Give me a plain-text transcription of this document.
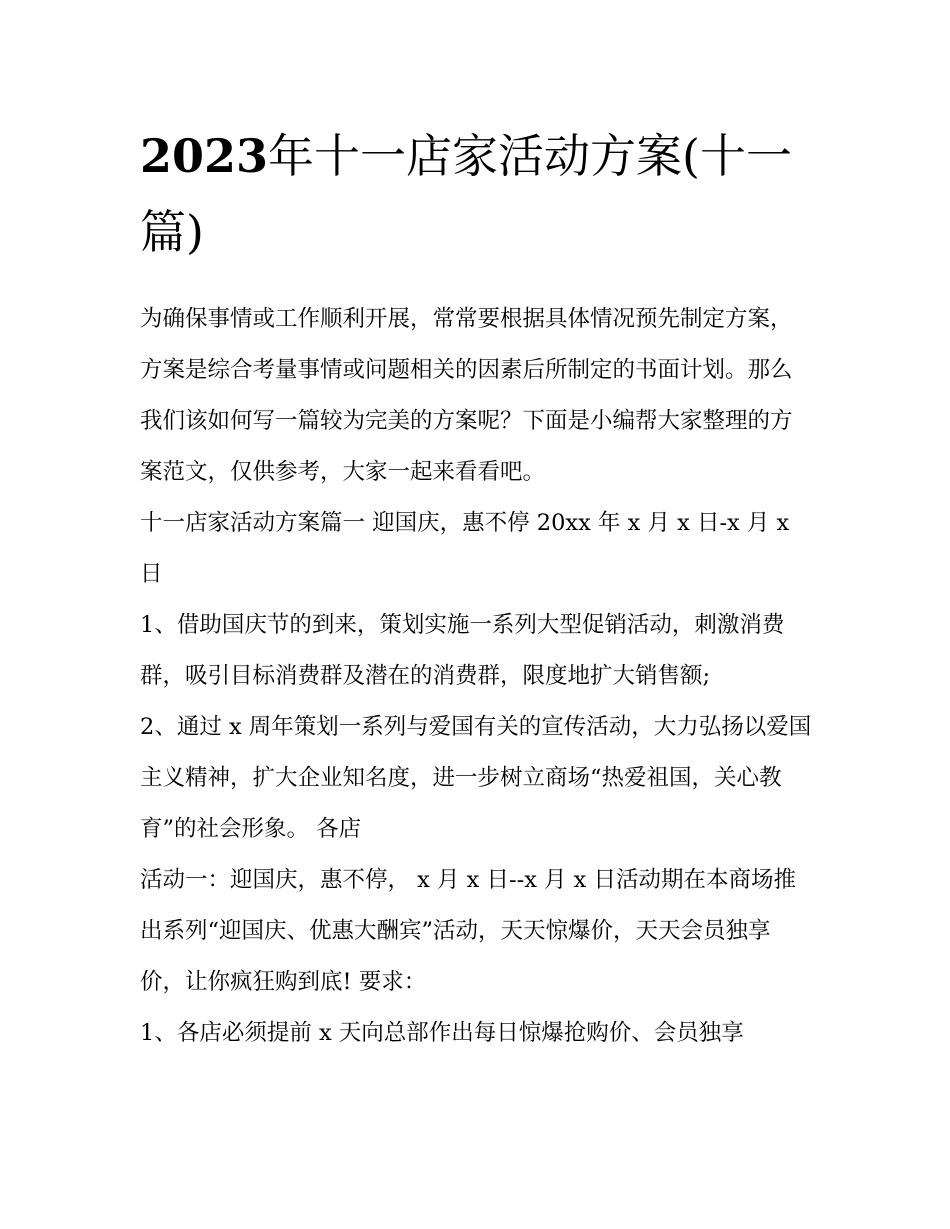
2023年十一店家活动方案(十一篇)

为确保事情或工作顺利开展，常常要根据具体情况预先制定方案，方案是综合考量事情或问题相关的因素后所制定的书面计划。那么我们该如何写一篇较为完美的方案呢？下面是小编帮大家整理的方案范文，仅供参考，大家一起来看看吧。

十一店家活动方案篇一 迎国庆，惠不停 20xx 年 x 月 x 日-x 月 x 日

1、借助国庆节的到来，策划实施一系列大型促销活动，刺激消费群，吸引目标消费群及潜在的消费群，限度地扩大销售额;

2、通过 x 周年策划一系列与爱国有关的宣传活动，大力弘扬以爱国主义精神，扩大企业知名度，进一步树立商场“热爱祖国，关心教育”的社会形象。 各店

活动一：迎国庆，惠不停， x 月 x 日--x 月 x 日活动期在本商场推出系列“迎国庆、优惠大酬宾”活动，天天惊爆价，天天会员独享价，让你疯狂购到底! 要求：

1、各店必须提前 x 天向总部作出每日惊爆抢购价、会员独享
